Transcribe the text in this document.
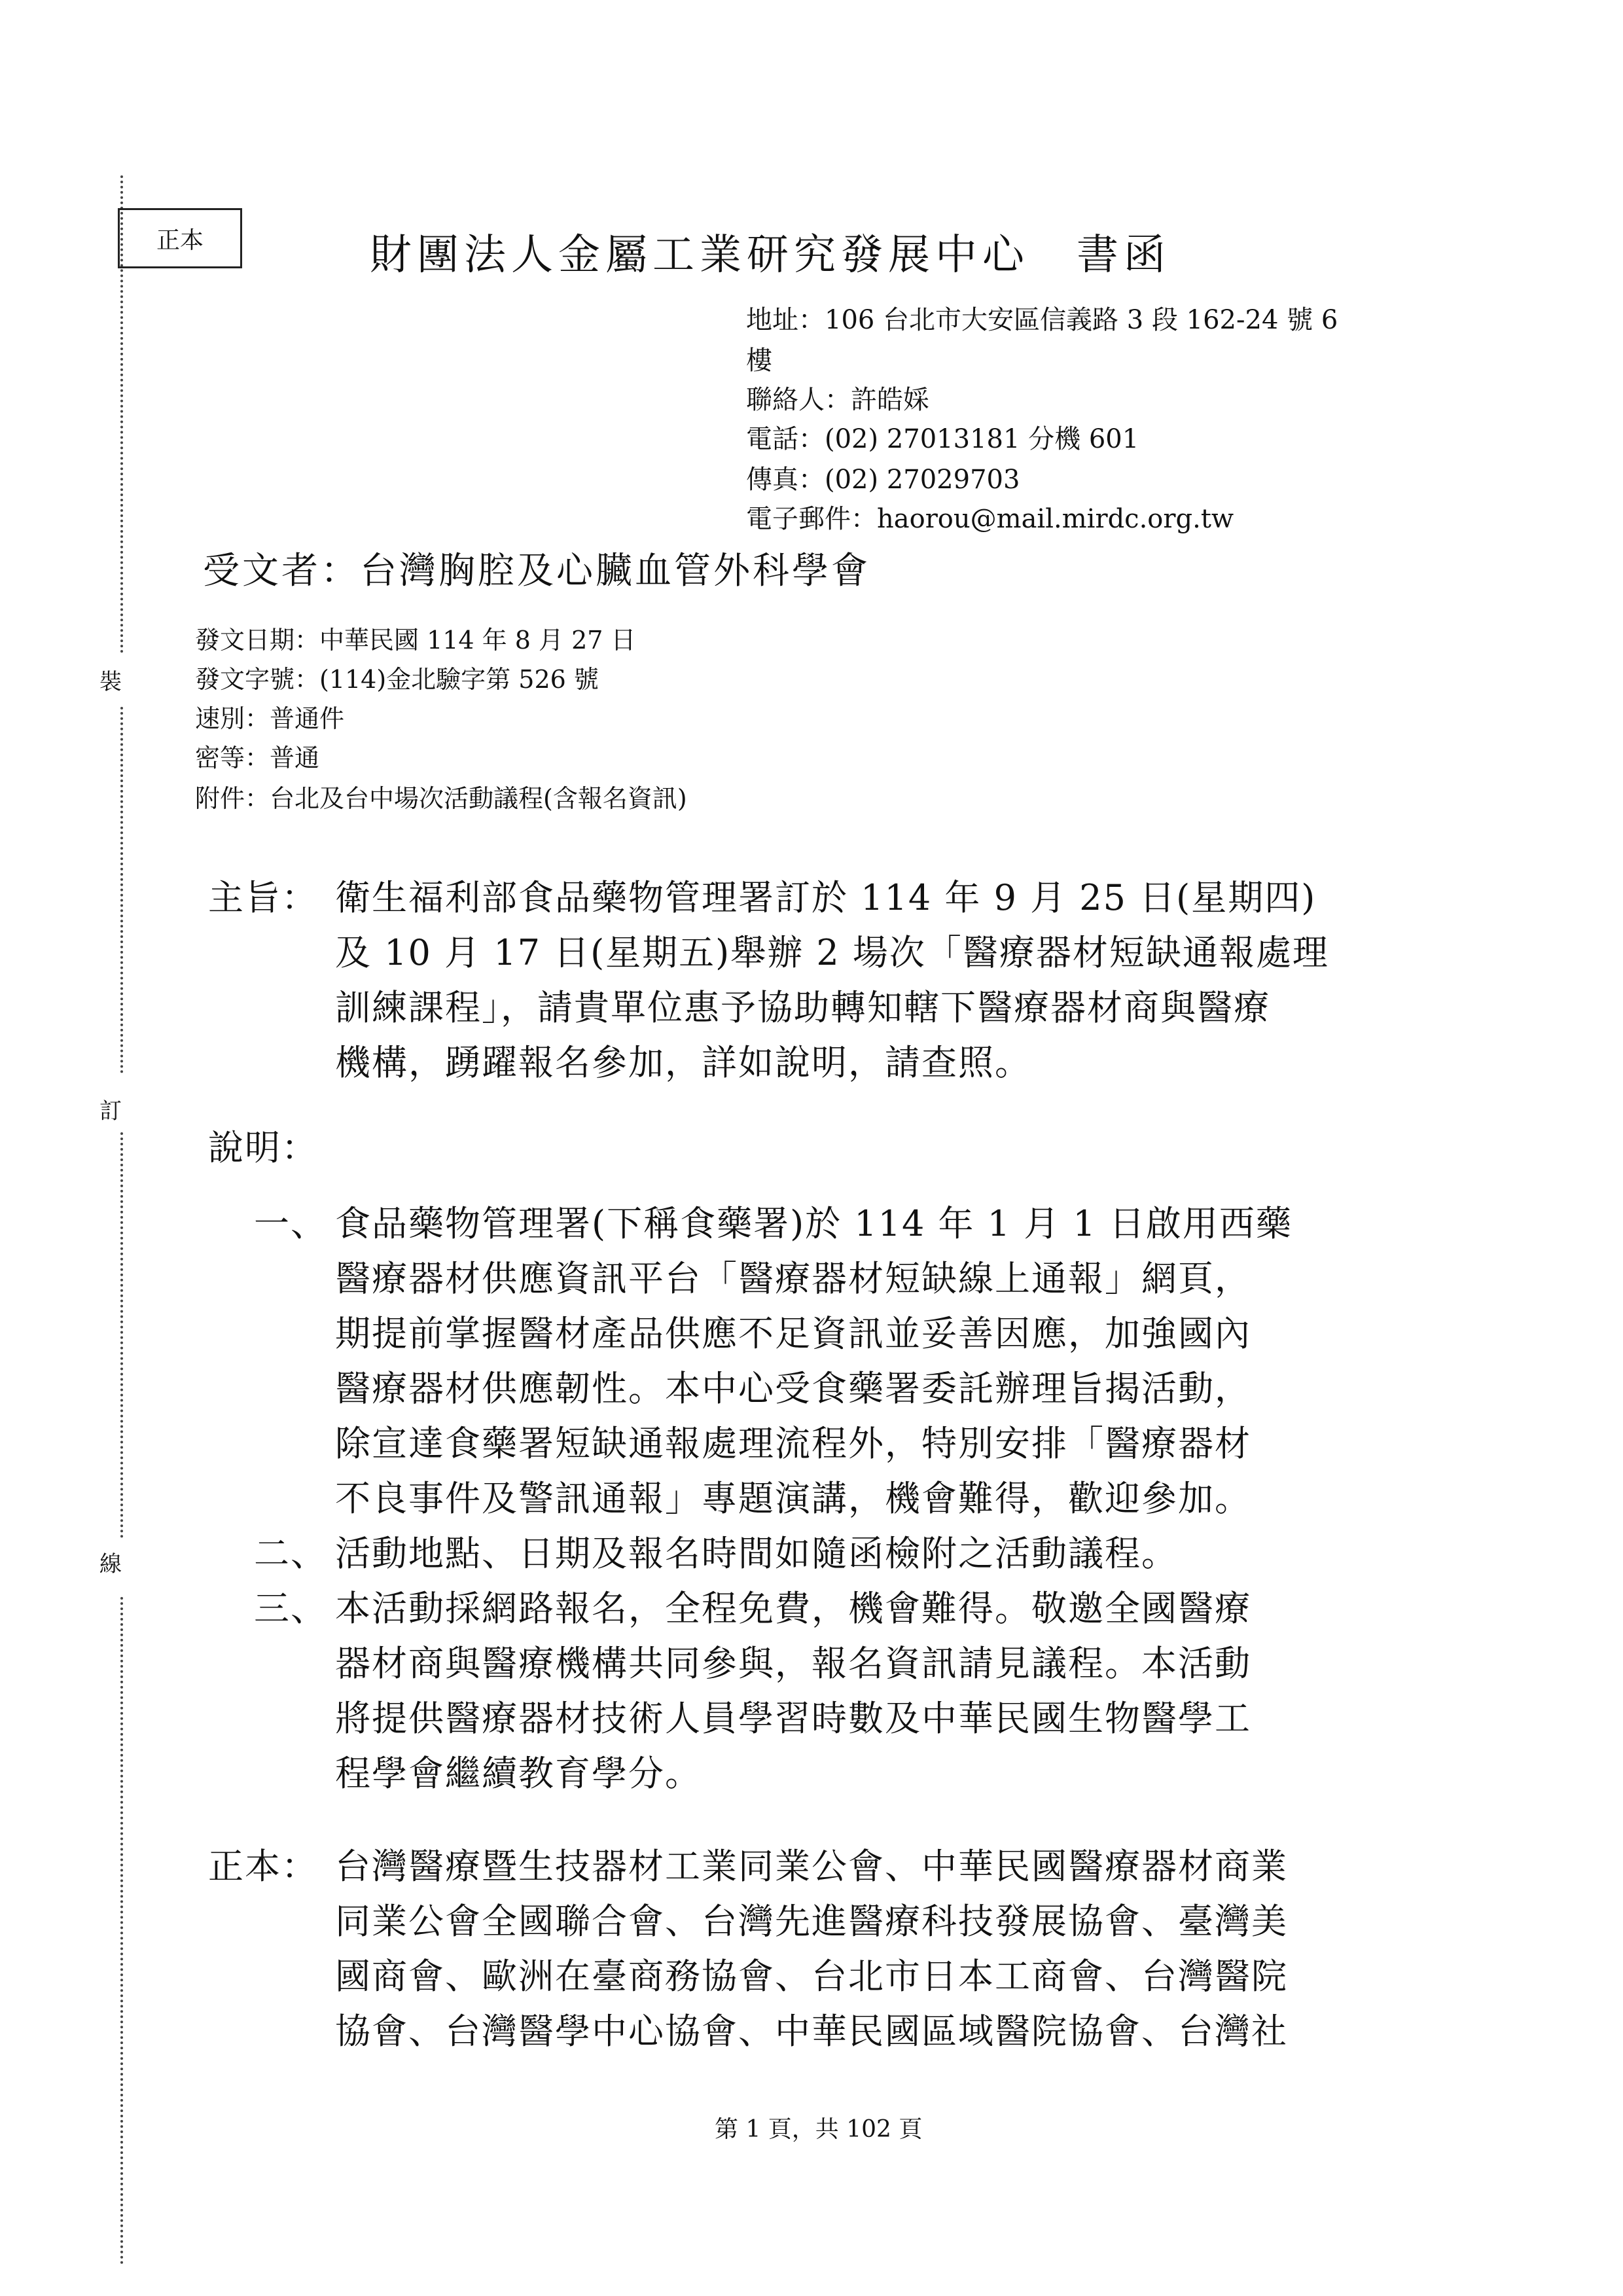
裝
訂
線
正本	財團法人金屬工業研究發展中心　書函
地址：106 台北市大安區信義路 3 段 162-24 號 6
樓
聯絡人：許皓婇
電話：(02) 27013181 分機 601
傳真：(02) 27029703
電子郵件：haorou@mail.mirdc.org.tw
受文者：台灣胸腔及心臟血管外科學會
發文日期：中華民國 114 年 8 月 27 日
發文字號：(114)金北驗字第 526 號
速別：普通件
密等：普通
附件：台北及台中場次活動議程(含報名資訊)
主旨： 衛生福利部食品藥物管理署訂於 114 年 9 月 25 日(星期四)
及 10 月 17 日(星期五)舉辦 2 場次「醫療器材短缺通報處理
訓練課程」，請貴單位惠予協助轉知轄下醫療器材商與醫療
機構，踴躍報名參加，詳如說明，請查照。
說明：
一、 食品藥物管理署(下稱食藥署)於 114 年 1 月 1 日啟用西藥
醫療器材供應資訊平台「醫療器材短缺線上通報」網頁，
期提前掌握醫材產品供應不足資訊並妥善因應，加強國內
醫療器材供應韌性。本中心受食藥署委託辦理旨揭活動，
除宣達食藥署短缺通報處理流程外，特別安排「醫療器材
不良事件及警訊通報」專題演講，機會難得，歡迎參加。
二、 活動地點、日期及報名時間如隨函檢附之活動議程。
三、 本活動採網路報名，全程免費，機會難得。敬邀全國醫療
器材商與醫療機構共同參與，報名資訊請見議程。本活動
將提供醫療器材技術人員學習時數及中華民國生物醫學工
程學會繼續教育學分。
正本： 台灣醫療暨生技器材工業同業公會、中華民國醫療器材商業
同業公會全國聯合會、台灣先進醫療科技發展協會、臺灣美
國商會、歐洲在臺商務協會、台北市日本工商會、台灣醫院
協會、台灣醫學中心協會、中華民國區域醫院協會、台灣社
第 1 頁，共 102 頁
